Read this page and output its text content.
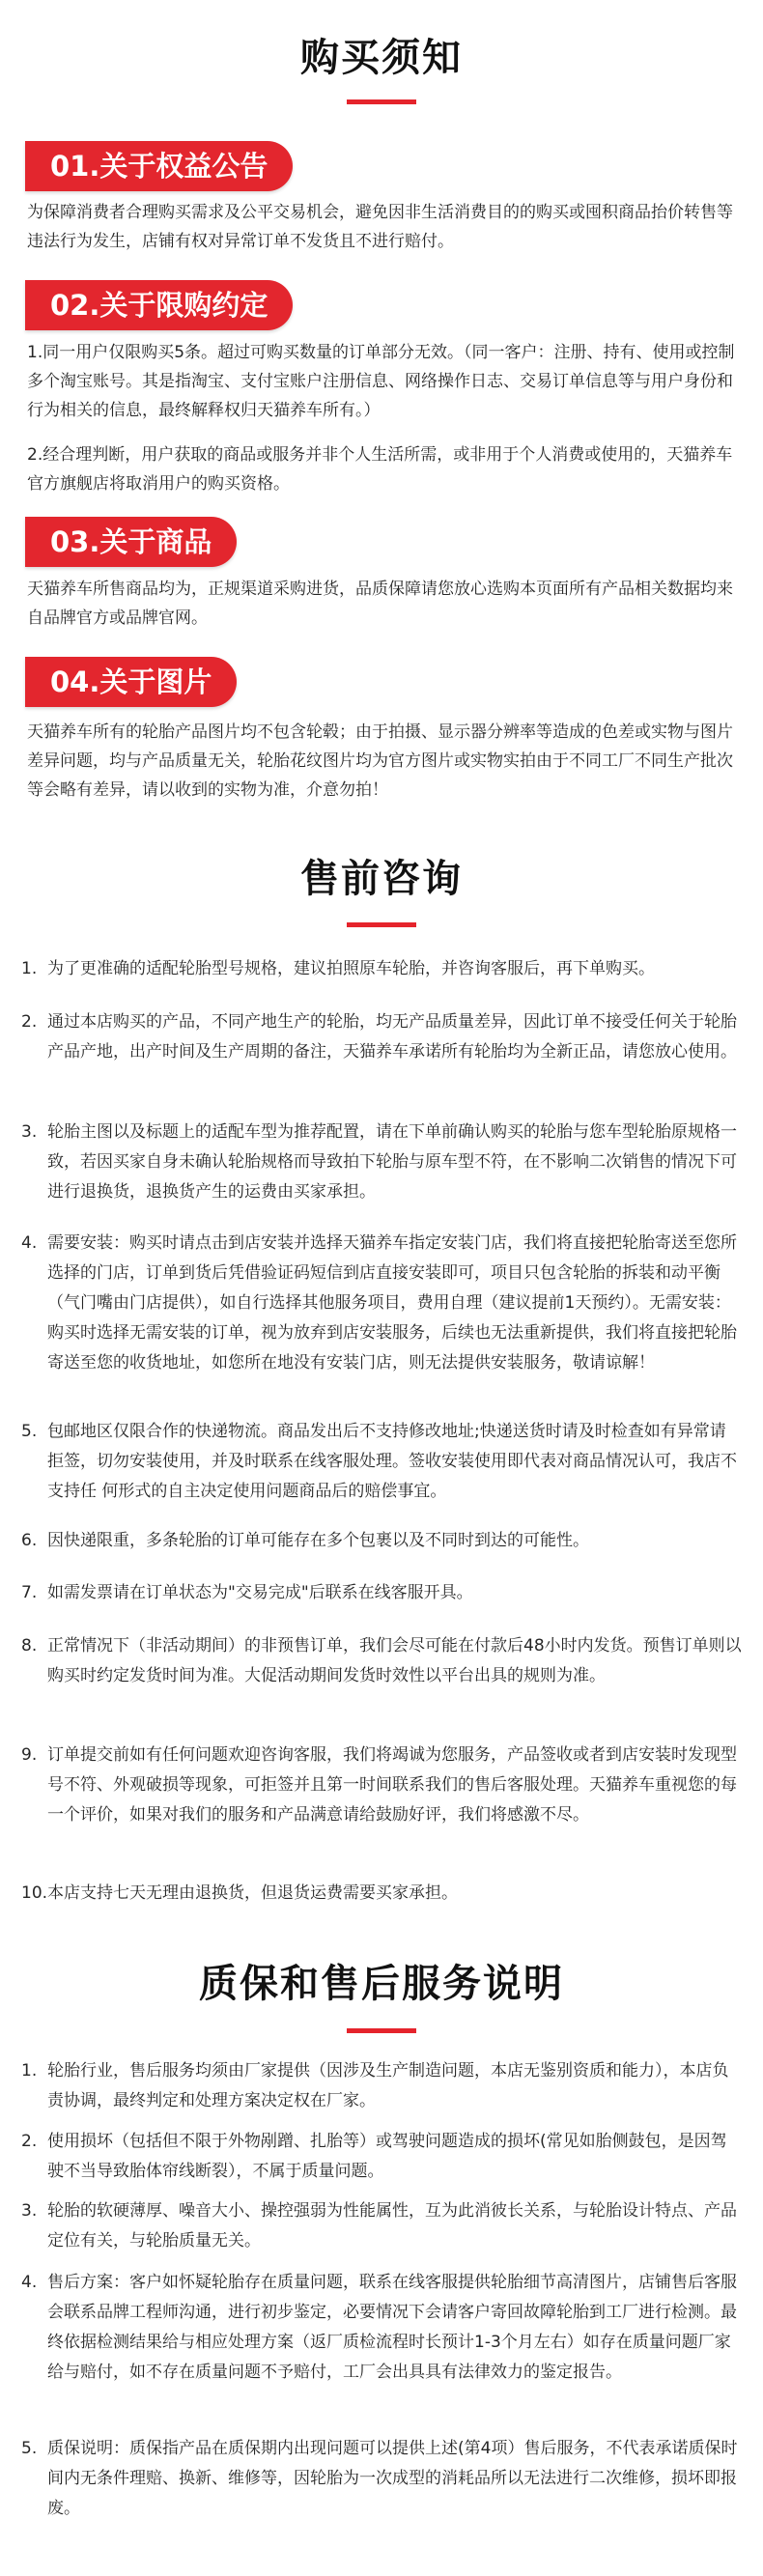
购买须知
01.关于权益公告

为保障消费者合理购买需求及公平交易机会，避免因非生活消费目的的购买或囤积商品抬价转售等违法行为发生，店铺有权对异常订单不发货且不进行赔付。

02.关于限购约定

1.同一用户仅限购买5条。超过可购买数量的订单部分无效。（同一客户：注册、持有、使用或控制多个淘宝账号。其是指淘宝、支付宝账户注册信息、网络操作日志、交易订单信息等与用户身份和行为相关的信息，最终解释权归天猫养车所有。）

2.经合理判断，用户获取的商品或服务并非个人生活所需，或非用于个人消费或使用的，天猫养车官方旗舰店将取消用户的购买资格。

03.关于商品

天猫养车所售商品均为，正规渠道采购进货，品质保障请您放心选购本页面所有产品相关数据均来自品牌官方或品牌官网。

04.关于图片

天猫养车所有的轮胎产品图片均不包含轮毂；由于拍摄、显示器分辨率等造成的色差或实物与图片差异问题，均与产品质量无关，轮胎花纹图片均为官方图片或实物实拍由于不同工厂不同生产批次等会略有差异，请以收到的实物为准，介意勿拍！

售前咨询
1. 为了更准确的适配轮胎型号规格，建议拍照原车轮胎，并咨询客服后，再下单购买。
2. 通过本店购买的产品，不同产地生产的轮胎，均无产品质量差异，因此订单不接受任何关于轮胎产品产地，出产时间及生产周期的备注，天猫养车承诺所有轮胎均为全新正品，请您放心使用。
3. 轮胎主图以及标题上的适配车型为推荐配置，请在下单前确认购买的轮胎与您车型轮胎原规格一致，若因买家自身未确认轮胎规格而导致拍下轮胎与原车型不符，在不影响二次销售的情况下可进行退换货，退换货产生的运费由买家承担。
4. 需要安装：购买时请点击到店安装并选择天猫养车指定安装门店，我们将直接把轮胎寄送至您所选择的门店，订单到货后凭借验证码短信到店直接安装即可，项目只包含轮胎的拆装和动平衡（气门嘴由门店提供），如自行选择其他服务项目，费用自理（建议提前1天预约）。无需安装：购买时选择无需安装的订单，视为放弃到店安装服务，后续也无法重新提供，我们将直接把轮胎寄送至您的收货地址，如您所在地没有安装门店，则无法提供安装服务，敬请谅解！
5. 包邮地区仅限合作的快递物流。商品发出后不支持修改地址;快递送货时请及时检查如有异常请拒签，切勿安装使用，并及时联系在线客服处理。签收安装使用即代表对商品情况认可，我店不支持任 何形式的自主决定使用问题商品后的赔偿事宜。
6. 因快递限重，多条轮胎的订单可能存在多个包裹以及不同时到达的可能性。
7. 如需发票请在订单状态为"交易完成"后联系在线客服开具。
8. 正常情况下（非活动期间）的非预售订单，我们会尽可能在付款后48小时内发货。预售订单则以购买时约定发货时间为准。大促活动期间发货时效性以平台出具的规则为准。
9. 订单提交前如有任何问题欢迎咨询客服，我们将竭诚为您服务，产品签收或者到店安装时发现型号不符、外观破损等现象，可拒签并且第一时间联系我们的售后客服处理。天猫养车重视您的每一个评价，如果对我们的服务和产品满意请给鼓励好评，我们将感激不尽。
10. 本店支持七天无理由退换货，但退货运费需要买家承担。
质保和售后服务说明
1. 轮胎行业，售后服务均须由厂家提供（因涉及生产制造问题，本店无鉴别资质和能力），本店负责协调，最终判定和处理方案决定权在厂家。
2. 使用损坏（包括但不限于外物剐蹭、扎胎等）或驾驶问题造成的损坏(常见如胎侧鼓包，是因驾驶不当导致胎体帘线断裂），不属于质量问题。
3. 轮胎的软硬薄厚、噪音大小、操控强弱为性能属性，互为此消彼长关系，与轮胎设计特点、产品定位有关，与轮胎质量无关。
4. 售后方案：客户如怀疑轮胎存在质量问题，联系在线客服提供轮胎细节高清图片，店铺售后客服会联系品牌工程师沟通，进行初步鉴定，必要情况下会请客户寄回故障轮胎到工厂进行检测。最终依据检测结果给与相应处理方案（返厂质检流程时长预计1-3个月左右）如存在质量问题厂家给与赔付，如不存在质量问题不予赔付，工厂会出具具有法律效力的鉴定报告。
5. 质保说明：质保指产品在质保期内出现问题可以提供上述(第4项）售后服务，不代表承诺质保时间内无条件理赔、换新、维修等，因轮胎为一次成型的消耗品所以无法进行二次维修，损坏即报废。
